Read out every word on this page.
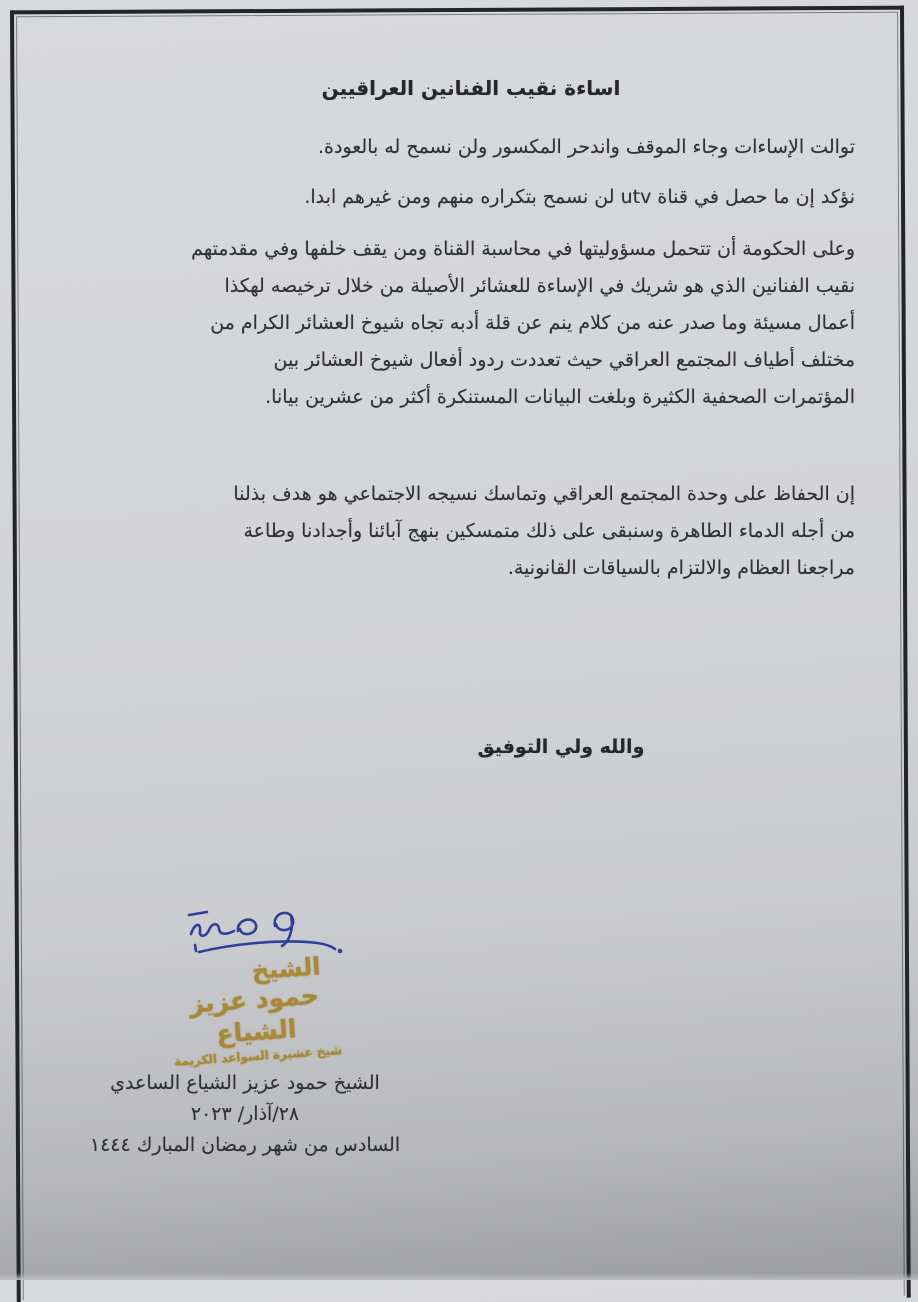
اساءة نقيب الفنانين العراقيين
توالت الإساءات وجاء الموقف واندحر المكسور ولن نسمح له بالعودة.
نؤكد إن ما حصل في قناة utv لن نسمح بتكراره منهم ومن غيرهم ابدا.
وعلى الحكومة أن تتحمل مسؤوليتها في محاسبة القناة ومن يقف خلفها وفي مقدمتهم
نقيب الفنانين الذي هو شريك في الإساءة للعشائر الأصيلة من خلال ترخيصه لهكذا
أعمال مسيئة وما صدر عنه من كلام ينم عن قلة أدبه تجاه شيوخ العشائر الكرام من
مختلف أطياف المجتمع العراقي حيث تعددت ردود أفعال شيوخ العشائر بين
المؤتمرات الصحفية الكثيرة وبلغت البيانات المستنكرة أكثر من عشرين بيانا.
إن الحفاظ على وحدة المجتمع العراقي وتماسك نسيجه الاجتماعي هو هدف بذلنا
من أجله الدماء الطاهرة وسنبقى على ذلك متمسكين بنهج آبائنا وأجدادنا وطاعة
مراجعنا العظام والالتزام بالسياقات القانونية.
والله ولي التوفيق
الشيخ
حمود عزيز الشياع
شيخ عشيرة السواعد الكريمة
الشيخ حمود عزيز الشياع الساعدي
٢٨/آذار/ ٢٠٢٣
السادس من شهر رمضان المبارك ١٤٤٤
